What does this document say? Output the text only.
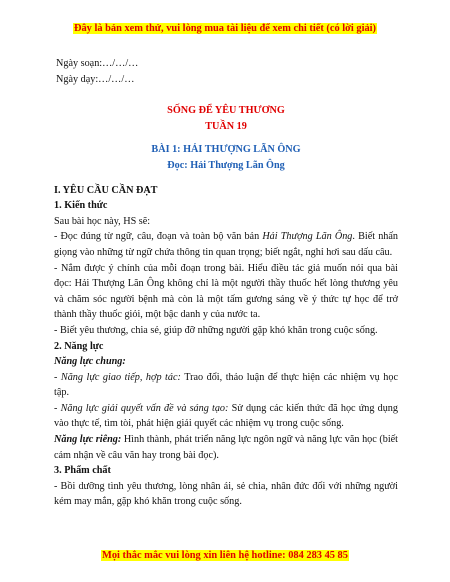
Đây là bản xem thử, vui lòng mua tài liệu để xem chi tiết (có lời giải)

Ngày soạn:…/…/…

Ngày dạy:…/…/…

SỐNG ĐỂ YÊU THƯƠNG

TUẦN 19

BÀI 1: HẢI THƯỢNG LÃN ÔNG

Đọc: Hải Thượng Lãn Ông

I. YÊU CẦU CẦN ĐẠT

1. Kiến thức

Sau bài học này, HS sẽ:

- Đọc đúng từ ngữ, câu, đoạn và toàn bộ văn bản Hải Thượng Lãn Ông. Biết nhấn giọng vào những từ ngữ chứa thông tin quan trọng; biết ngắt, nghỉ hơi sau dấu câu.

- Nắm được ý chính của mỗi đoạn trong bài. Hiểu điều tác giả muốn nói qua bài đọc: Hải Thượng Lãn Ông không chỉ là một người thầy thuốc hết lòng thương yêu và chăm sóc người bệnh mà còn là một tấm gương sáng về ý thức tự học để trở thành thầy thuốc giỏi, một bậc danh y của nước ta.

- Biết yêu thương, chia sẻ, giúp đỡ những người gặp khó khăn trong cuộc sống.

2. Năng lực

Năng lực chung:

- Năng lực giao tiếp, hợp tác: Trao đổi, thảo luận để thực hiện các nhiệm vụ học tập.

- Năng lực giải quyết vấn đề và sáng tạo: Sử dụng các kiến thức đã học ứng dụng vào thực tế, tìm tòi, phát hiện giải quyết các nhiệm vụ trong cuộc sống.

Năng lực riêng: Hình thành, phát triển năng lực ngôn ngữ và năng lực văn học (biết cảm nhận về câu văn hay trong bài đọc).

3. Phẩm chất

- Bồi dưỡng tình yêu thương, lòng nhân ái, sẻ chia, nhân đức đối với những người kém may mắn, gặp khó khăn trong cuộc sống.

Mọi thắc mắc vui lòng xin liên hệ hotline: 084 283 45 85
